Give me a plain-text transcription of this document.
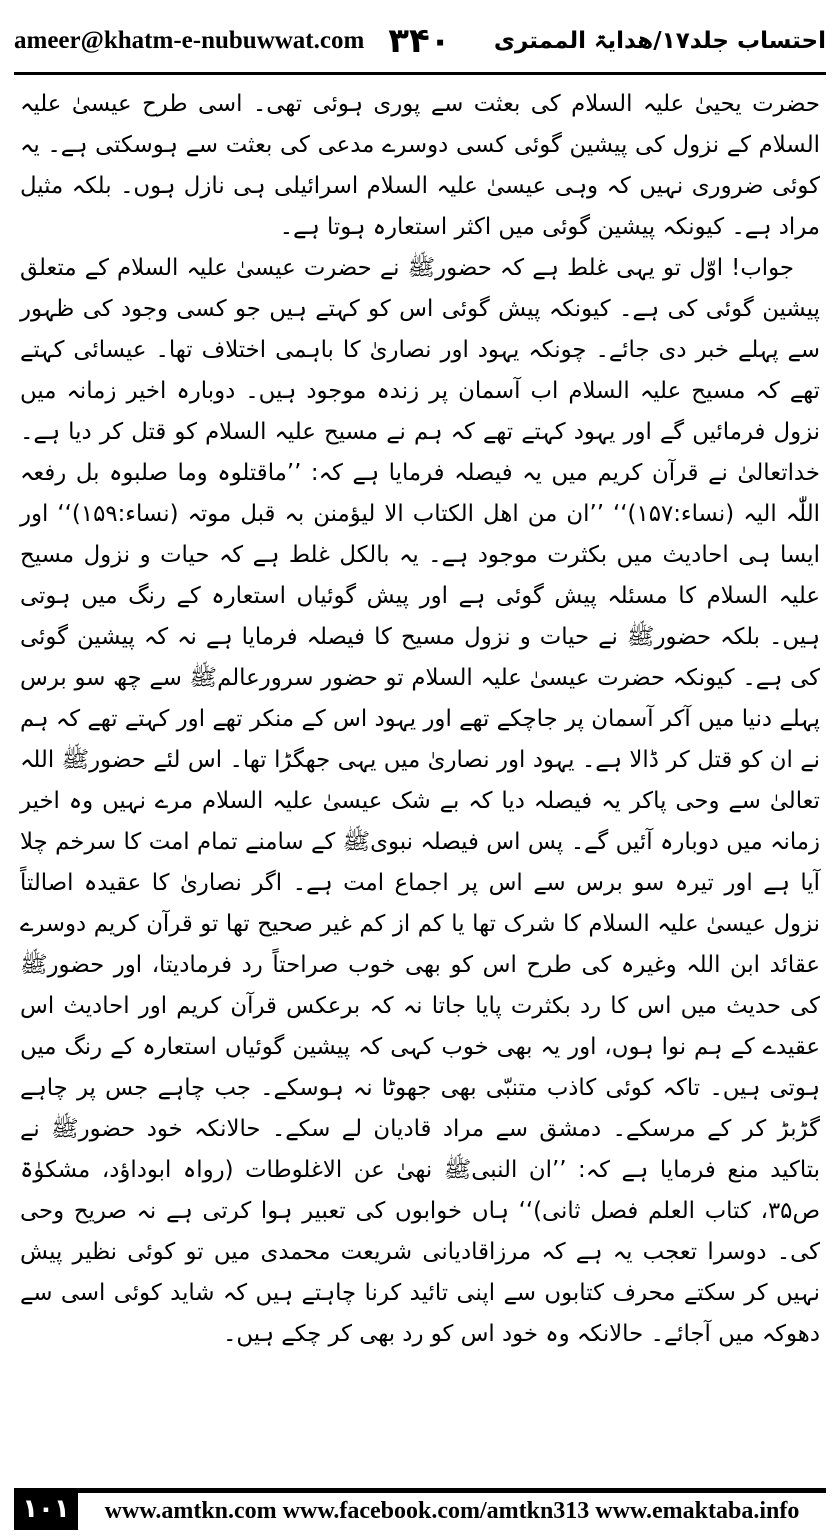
ameer@khatm-e-nubuwwat.com ۳۴۰ احتساب جلد۱۷/ھدایۃ الممتری

حضرت یحییٰ علیہ السلام کی بعثت سے پوری ہوئی تھی۔ اسی طرح عیسیٰ علیہ السلام کے نزول کی پیشین گوئی کسی دوسرے مدعی کی بعثت سے ہوسکتی ہے۔ یہ کوئی ضروری نہیں کہ وہی عیسیٰ علیہ السلام اسرائیلی ہی نازل ہوں۔ بلکہ مثیل مراد ہے۔ کیونکہ پیشین گوئی میں اکثر استعارہ ہوتا ہے۔

جواب! اوّل تو یہی غلط ہے کہ حضورﷺ نے حضرت عیسیٰ علیہ السلام کے متعلق پیشین گوئی کی ہے۔ کیونکہ پیش گوئی اس کو کہتے ہیں جو کسی وجود کی ظہور سے پہلے خبر دی جائے۔ چونکہ یہود اور نصاریٰ کا باہمی اختلاف تھا۔ عیسائی کہتے تھے کہ مسیح علیہ السلام اب آسمان پر زندہ موجود ہیں۔ دوبارہ اخیر زمانہ میں نزول فرمائیں گے اور یہود کہتے تھے کہ ہم نے مسیح علیہ السلام کو قتل کر دیا ہے۔ خداتعالیٰ نے قرآن کریم میں یہ فیصلہ فرمایا ہے کہ: ’’ماقتلوہ وما صلبوہ بل رفعہ اللّٰہ الیہ (نساء:۱۵۷)‘‘ ’’ان من اھل الکتاب الا لیؤمنن بہ قبل موتہ (نساء:۱۵۹)‘‘ اور ایسا ہی احادیث میں بکثرت موجود ہے۔ یہ بالکل غلط ہے کہ حیات و نزول مسیح علیہ السلام کا مسئلہ پیش گوئی ہے اور پیش گوئیاں استعارہ کے رنگ میں ہوتی ہیں۔ بلکہ حضورﷺ نے حیات و نزول مسیح کا فیصلہ فرمایا ہے نہ کہ پیشین گوئی کی ہے۔ کیونکہ حضرت عیسیٰ علیہ السلام تو حضور سرورعالمﷺ سے چھ سو برس پہلے دنیا میں آکر آسمان پر جاچکے تھے اور یہود اس کے منکر تھے اور کہتے تھے کہ ہم نے ان کو قتل کر ڈالا ہے۔ یہود اور نصاریٰ میں یہی جھگڑا تھا۔ اس لئے حضورﷺ اللہ تعالیٰ سے وحی پاکر یہ فیصلہ دیا کہ بے شک عیسیٰ علیہ السلام مرے نہیں وہ اخیر زمانہ میں دوبارہ آئیں گے۔ پس اس فیصلہ نبویﷺ کے سامنے تمام امت کا سرخم چلا آیا ہے اور تیرہ سو برس سے اس پر اجماع امت ہے۔ اگر نصاریٰ کا عقیدہ اصالتاً نزول عیسیٰ علیہ السلام کا شرک تھا یا کم از کم غیر صحیح تھا تو قرآن کریم دوسرے عقائد ابن اللہ وغیرہ کی طرح اس کو بھی خوب صراحتاً رد فرمادیتا، اور حضورﷺ کی حدیث میں اس کا رد بکثرت پایا جاتا نہ کہ برعکس قرآن کریم اور احادیث اس عقیدے کے ہم نوا ہوں، اور یہ بھی خوب کہی کہ پیشین گوئیاں استعارہ کے رنگ میں ہوتی ہیں۔ تاکہ کوئی کاذب متنبّی بھی جھوٹا نہ ہوسکے۔ جب چاہے جس پر چاہے گڑبڑ کر کے مرسکے۔ دمشق سے مراد قادیان لے سکے۔ حالانکہ خود حضورﷺ نے بتاکید منع فرمایا ہے کہ: ’’ان النبیﷺ نھیٰ عن الاغلوطات (رواہ ابوداؤد، مشکوٰۃ ص۳۵، کتاب العلم فصل ثانی)‘‘ ہاں خوابوں کی تعبیر ہوا کرتی ہے نہ صریح وحی کی۔ دوسرا تعجب یہ ہے کہ مرزاقادیانی شریعت محمدی میں تو کوئی نظیر پیش نہیں کر سکتے محرف کتابوں سے اپنی تائید کرنا چاہتے ہیں کہ شاید کوئی اسی سے دھوکہ میں آجائے۔ حالانکہ وہ خود اس کو رد بھی کر چکے ہیں۔

۱۰۱	www.amtkn.com www.facebook.com/amtkn313 www.emaktaba.info
